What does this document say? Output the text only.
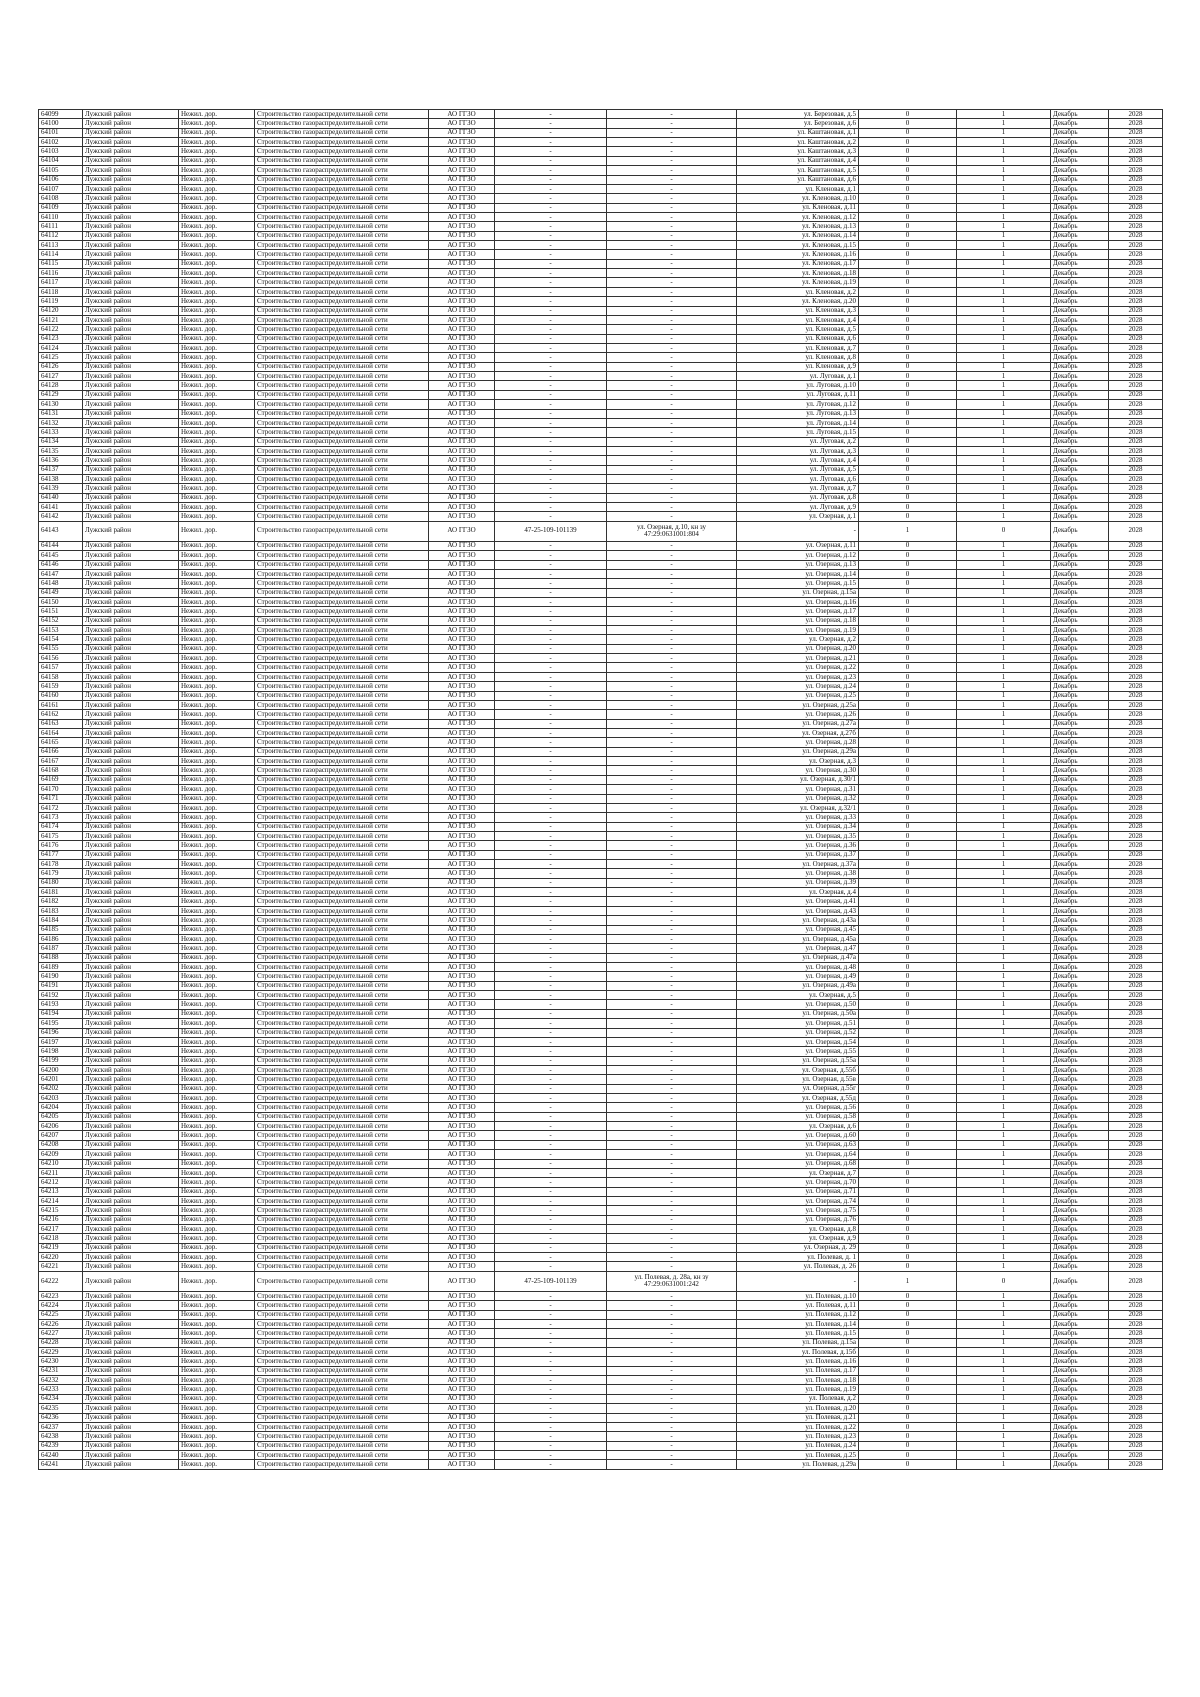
64099	Лужский район	Нежил. дор.	Строительство газораспределительной сети	АО ГГЗО	-	-	ул. Березовая, д.5	0	1	Декабрь	2028
64100	Лужский район	Нежил. дор.	Строительство газораспределительной сети	АО ГГЗО	-	-	ул. Березовая, д.6	0	1	Декабрь	2028
64101	Лужский район	Нежил. дор.	Строительство газораспределительной сети	АО ГГЗО	-	-	ул. Каштановая, д.1	0	1	Декабрь	2028
64102	Лужский район	Нежил. дор.	Строительство газораспределительной сети	АО ГГЗО	-	-	ул. Каштановая, д.2	0	1	Декабрь	2028
64103	Лужский район	Нежил. дор.	Строительство газораспределительной сети	АО ГГЗО	-	-	ул. Каштановая, д.3	0	1	Декабрь	2028
64104	Лужский район	Нежил. дор.	Строительство газораспределительной сети	АО ГГЗО	-	-	ул. Каштановая, д.4	0	1	Декабрь	2028
64105	Лужский район	Нежил. дор.	Строительство газораспределительной сети	АО ГГЗО	-	-	ул. Каштановая, д.5	0	1	Декабрь	2028
64106	Лужский район	Нежил. дор.	Строительство газораспределительной сети	АО ГГЗО	-	-	ул. Каштановая, д.6	0	1	Декабрь	2028
64107	Лужский район	Нежил. дор.	Строительство газораспределительной сети	АО ГГЗО	-	-	ул. Кленовая, д.1	0	1	Декабрь	2028
64108	Лужский район	Нежил. дор.	Строительство газораспределительной сети	АО ГГЗО	-	-	ул. Кленовая, д.10	0	1	Декабрь	2028
64109	Лужский район	Нежил. дор.	Строительство газораспределительной сети	АО ГГЗО	-	-	ул. Кленовая, д.11	0	1	Декабрь	2028
64110	Лужский район	Нежил. дор.	Строительство газораспределительной сети	АО ГГЗО	-	-	ул. Кленовая, д.12	0	1	Декабрь	2028
64111	Лужский район	Нежил. дор.	Строительство газораспределительной сети	АО ГГЗО	-	-	ул. Кленовая, д.13	0	1	Декабрь	2028
64112	Лужский район	Нежил. дор.	Строительство газораспределительной сети	АО ГГЗО	-	-	ул. Кленовая, д.14	0	1	Декабрь	2028
64113	Лужский район	Нежил. дор.	Строительство газораспределительной сети	АО ГГЗО	-	-	ул. Кленовая, д.15	0	1	Декабрь	2028
64114	Лужский район	Нежил. дор.	Строительство газораспределительной сети	АО ГГЗО	-	-	ул. Кленовая, д.16	0	1	Декабрь	2028
64115	Лужский район	Нежил. дор.	Строительство газораспределительной сети	АО ГГЗО	-	-	ул. Кленовая, д.17	0	1	Декабрь	2028
64116	Лужский район	Нежил. дор.	Строительство газораспределительной сети	АО ГГЗО	-	-	ул. Кленовая, д.18	0	1	Декабрь	2028
64117	Лужский район	Нежил. дор.	Строительство газораспределительной сети	АО ГГЗО	-	-	ул. Кленовая, д.19	0	1	Декабрь	2028
64118	Лужский район	Нежил. дор.	Строительство газораспределительной сети	АО ГГЗО	-	-	ул. Кленовая, д.2	0	1	Декабрь	2028
64119	Лужский район	Нежил. дор.	Строительство газораспределительной сети	АО ГГЗО	-	-	ул. Кленовая, д.20	0	1	Декабрь	2028
64120	Лужский район	Нежил. дор.	Строительство газораспределительной сети	АО ГГЗО	-	-	ул. Кленовая, д.3	0	1	Декабрь	2028
64121	Лужский район	Нежил. дор.	Строительство газораспределительной сети	АО ГГЗО	-	-	ул. Кленовая, д.4	0	1	Декабрь	2028
64122	Лужский район	Нежил. дор.	Строительство газораспределительной сети	АО ГГЗО	-	-	ул. Кленовая, д.5	0	1	Декабрь	2028
64123	Лужский район	Нежил. дор.	Строительство газораспределительной сети	АО ГГЗО	-	-	ул. Кленовая, д.6	0	1	Декабрь	2028
64124	Лужский район	Нежил. дор.	Строительство газораспределительной сети	АО ГГЗО	-	-	ул. Кленовая, д.7	0	1	Декабрь	2028
64125	Лужский район	Нежил. дор.	Строительство газораспределительной сети	АО ГГЗО	-	-	ул. Кленовая, д.8	0	1	Декабрь	2028
64126	Лужский район	Нежил. дор.	Строительство газораспределительной сети	АО ГГЗО	-	-	ул. Кленовая, д.9	0	1	Декабрь	2028
64127	Лужский район	Нежил. дор.	Строительство газораспределительной сети	АО ГГЗО	-	-	ул. Луговая, д.1	0	1	Декабрь	2028
64128	Лужский район	Нежил. дор.	Строительство газораспределительной сети	АО ГГЗО	-	-	ул. Луговая, д.10	0	1	Декабрь	2028
64129	Лужский район	Нежил. дор.	Строительство газораспределительной сети	АО ГГЗО	-	-	ул. Луговая, д.11	0	1	Декабрь	2028
64130	Лужский район	Нежил. дор.	Строительство газораспределительной сети	АО ГГЗО	-	-	ул. Луговая, д.12	0	1	Декабрь	2028
64131	Лужский район	Нежил. дор.	Строительство газораспределительной сети	АО ГГЗО	-	-	ул. Луговая, д.13	0	1	Декабрь	2028
64132	Лужский район	Нежил. дор.	Строительство газораспределительной сети	АО ГГЗО	-	-	ул. Луговая, д.14	0	1	Декабрь	2028
64133	Лужский район	Нежил. дор.	Строительство газораспределительной сети	АО ГГЗО	-	-	ул. Луговая, д.15	0	1	Декабрь	2028
64134	Лужский район	Нежил. дор.	Строительство газораспределительной сети	АО ГГЗО	-	-	ул. Луговая, д.2	0	1	Декабрь	2028
64135	Лужский район	Нежил. дор.	Строительство газораспределительной сети	АО ГГЗО	-	-	ул. Луговая, д.3	0	1	Декабрь	2028
64136	Лужский район	Нежил. дор.	Строительство газораспределительной сети	АО ГГЗО	-	-	ул. Луговая, д.4	0	1	Декабрь	2028
64137	Лужский район	Нежил. дор.	Строительство газораспределительной сети	АО ГГЗО	-	-	ул. Луговая, д.5	0	1	Декабрь	2028
64138	Лужский район	Нежил. дор.	Строительство газораспределительной сети	АО ГГЗО	-	-	ул. Луговая, д.6	0	1	Декабрь	2028
64139	Лужский район	Нежил. дор.	Строительство газораспределительной сети	АО ГГЗО	-	-	ул. Луговая, д.7	0	1	Декабрь	2028
64140	Лужский район	Нежил. дор.	Строительство газораспределительной сети	АО ГГЗО	-	-	ул. Луговая, д.8	0	1	Декабрь	2028
64141	Лужский район	Нежил. дор.	Строительство газораспределительной сети	АО ГГЗО	-	-	ул. Луговая, д.9	0	1	Декабрь	2028
64142	Лужский район	Нежил. дор.	Строительство газораспределительной сети	АО ГГЗО	-	-	ул. Озерная, д.1	0	1	Декабрь	2028
64143	Лужский район	Нежил. дор.	Строительство газораспределительной сети	АО ГГЗО	47-25-109-101139	ул. Озерная, д.10, кн зу 47:29:0631001:804	-	1	0	Декабрь	2028
64144	Лужский район	Нежил. дор.	Строительство газораспределительной сети	АО ГГЗО	-	-	ул. Озерная, д.11	0	1	Декабрь	2028
64145	Лужский район	Нежил. дор.	Строительство газораспределительной сети	АО ГГЗО	-	-	ул. Озерная, д.12	0	1	Декабрь	2028
64146	Лужский район	Нежил. дор.	Строительство газораспределительной сети	АО ГГЗО	-	-	ул. Озерная, д.13	0	1	Декабрь	2028
64147	Лужский район	Нежил. дор.	Строительство газораспределительной сети	АО ГГЗО	-	-	ул. Озерная, д.14	0	1	Декабрь	2028
64148	Лужский район	Нежил. дор.	Строительство газораспределительной сети	АО ГГЗО	-	-	ул. Озерная, д.15	0	1	Декабрь	2028
64149	Лужский район	Нежил. дор.	Строительство газораспределительной сети	АО ГГЗО	-	-	ул. Озерная, д.15а	0	1	Декабрь	2028
64150	Лужский район	Нежил. дор.	Строительство газораспределительной сети	АО ГГЗО	-	-	ул. Озерная, д.16	0	1	Декабрь	2028
64151	Лужский район	Нежил. дор.	Строительство газораспределительной сети	АО ГГЗО	-	-	ул. Озерная, д.17	0	1	Декабрь	2028
64152	Лужский район	Нежил. дор.	Строительство газораспределительной сети	АО ГГЗО	-	-	ул. Озерная, д.18	0	1	Декабрь	2028
64153	Лужский район	Нежил. дор.	Строительство газораспределительной сети	АО ГГЗО	-	-	ул. Озерная, д.19	0	1	Декабрь	2028
64154	Лужский район	Нежил. дор.	Строительство газораспределительной сети	АО ГГЗО	-	-	ул. Озерная, д.2	0	1	Декабрь	2028
64155	Лужский район	Нежил. дор.	Строительство газораспределительной сети	АО ГГЗО	-	-	ул. Озерная, д.20	0	1	Декабрь	2028
64156	Лужский район	Нежил. дор.	Строительство газораспределительной сети	АО ГГЗО	-	-	ул. Озерная, д.21	0	1	Декабрь	2028
64157	Лужский район	Нежил. дор.	Строительство газораспределительной сети	АО ГГЗО	-	-	ул. Озерная, д.22	0	1	Декабрь	2028
64158	Лужский район	Нежил. дор.	Строительство газораспределительной сети	АО ГГЗО	-	-	ул. Озерная, д.23	0	1	Декабрь	2028
64159	Лужский район	Нежил. дор.	Строительство газораспределительной сети	АО ГГЗО	-	-	ул. Озерная, д.24	0	1	Декабрь	2028
64160	Лужский район	Нежил. дор.	Строительство газораспределительной сети	АО ГГЗО	-	-	ул. Озерная, д.25	0	1	Декабрь	2028
64161	Лужский район	Нежил. дор.	Строительство газораспределительной сети	АО ГГЗО	-	-	ул. Озерная, д.25а	0	1	Декабрь	2028
64162	Лужский район	Нежил. дор.	Строительство газораспределительной сети	АО ГГЗО	-	-	ул. Озерная, д.26	0	1	Декабрь	2028
64163	Лужский район	Нежил. дор.	Строительство газораспределительной сети	АО ГГЗО	-	-	ул. Озерная, д.27а	0	1	Декабрь	2028
64164	Лужский район	Нежил. дор.	Строительство газораспределительной сети	АО ГГЗО	-	-	ул. Озерная, д.27б	0	1	Декабрь	2028
64165	Лужский район	Нежил. дор.	Строительство газораспределительной сети	АО ГГЗО	-	-	ул. Озерная, д.28	0	1	Декабрь	2028
64166	Лужский район	Нежил. дор.	Строительство газораспределительной сети	АО ГГЗО	-	-	ул. Озерная, д.29а	0	1	Декабрь	2028
64167	Лужский район	Нежил. дор.	Строительство газораспределительной сети	АО ГГЗО	-	-	ул. Озерная, д.3	0	1	Декабрь	2028
64168	Лужский район	Нежил. дор.	Строительство газораспределительной сети	АО ГГЗО	-	-	ул. Озерная, д.30	0	1	Декабрь	2028
64169	Лужский район	Нежил. дор.	Строительство газораспределительной сети	АО ГГЗО	-	-	ул. Озерная, д.30/1	0	1	Декабрь	2028
64170	Лужский район	Нежил. дор.	Строительство газораспределительной сети	АО ГГЗО	-	-	ул. Озерная, д.31	0	1	Декабрь	2028
64171	Лужский район	Нежил. дор.	Строительство газораспределительной сети	АО ГГЗО	-	-	ул. Озерная, д.32	0	1	Декабрь	2028
64172	Лужский район	Нежил. дор.	Строительство газораспределительной сети	АО ГГЗО	-	-	ул. Озерная, д.32/1	0	1	Декабрь	2028
64173	Лужский район	Нежил. дор.	Строительство газораспределительной сети	АО ГГЗО	-	-	ул. Озерная, д.33	0	1	Декабрь	2028
64174	Лужский район	Нежил. дор.	Строительство газораспределительной сети	АО ГГЗО	-	-	ул. Озерная, д.34	0	1	Декабрь	2028
64175	Лужский район	Нежил. дор.	Строительство газораспределительной сети	АО ГГЗО	-	-	ул. Озерная, д.35	0	1	Декабрь	2028
64176	Лужский район	Нежил. дор.	Строительство газораспределительной сети	АО ГГЗО	-	-	ул. Озерная, д.36	0	1	Декабрь	2028
64177	Лужский район	Нежил. дор.	Строительство газораспределительной сети	АО ГГЗО	-	-	ул. Озерная, д.37	0	1	Декабрь	2028
64178	Лужский район	Нежил. дор.	Строительство газораспределительной сети	АО ГГЗО	-	-	ул. Озерная, д.37а	0	1	Декабрь	2028
64179	Лужский район	Нежил. дор.	Строительство газораспределительной сети	АО ГГЗО	-	-	ул. Озерная, д.38	0	1	Декабрь	2028
64180	Лужский район	Нежил. дор.	Строительство газораспределительной сети	АО ГГЗО	-	-	ул. Озерная, д.39	0	1	Декабрь	2028
64181	Лужский район	Нежил. дор.	Строительство газораспределительной сети	АО ГГЗО	-	-	ул. Озерная, д.4	0	1	Декабрь	2028
64182	Лужский район	Нежил. дор.	Строительство газораспределительной сети	АО ГГЗО	-	-	ул. Озерная, д.41	0	1	Декабрь	2028
64183	Лужский район	Нежил. дор.	Строительство газораспределительной сети	АО ГГЗО	-	-	ул. Озерная, д.43	0	1	Декабрь	2028
64184	Лужский район	Нежил. дор.	Строительство газораспределительной сети	АО ГГЗО	-	-	ул. Озерная, д.43а	0	1	Декабрь	2028
64185	Лужский район	Нежил. дор.	Строительство газораспределительной сети	АО ГГЗО	-	-	ул. Озерная, д.45	0	1	Декабрь	2028
64186	Лужский район	Нежил. дор.	Строительство газораспределительной сети	АО ГГЗО	-	-	ул. Озерная, д.45а	0	1	Декабрь	2028
64187	Лужский район	Нежил. дор.	Строительство газораспределительной сети	АО ГГЗО	-	-	ул. Озерная, д.47	0	1	Декабрь	2028
64188	Лужский район	Нежил. дор.	Строительство газораспределительной сети	АО ГГЗО	-	-	ул. Озерная, д.47а	0	1	Декабрь	2028
64189	Лужский район	Нежил. дор.	Строительство газораспределительной сети	АО ГГЗО	-	-	ул. Озерная, д.48	0	1	Декабрь	2028
64190	Лужский район	Нежил. дор.	Строительство газораспределительной сети	АО ГГЗО	-	-	ул. Озерная, д.49	0	1	Декабрь	2028
64191	Лужский район	Нежил. дор.	Строительство газораспределительной сети	АО ГГЗО	-	-	ул. Озерная, д.49а	0	1	Декабрь	2028
64192	Лужский район	Нежил. дор.	Строительство газораспределительной сети	АО ГГЗО	-	-	ул. Озерная, д.5	0	1	Декабрь	2028
64193	Лужский район	Нежил. дор.	Строительство газораспределительной сети	АО ГГЗО	-	-	ул. Озерная, д.50	0	1	Декабрь	2028
64194	Лужский район	Нежил. дор.	Строительство газораспределительной сети	АО ГГЗО	-	-	ул. Озерная, д.50а	0	1	Декабрь	2028
64195	Лужский район	Нежил. дор.	Строительство газораспределительной сети	АО ГГЗО	-	-	ул. Озерная, д.51	0	1	Декабрь	2028
64196	Лужский район	Нежил. дор.	Строительство газораспределительной сети	АО ГГЗО	-	-	ул. Озерная, д.52	0	1	Декабрь	2028
64197	Лужский район	Нежил. дор.	Строительство газораспределительной сети	АО ГГЗО	-	-	ул. Озерная, д.54	0	1	Декабрь	2028
64198	Лужский район	Нежил. дор.	Строительство газораспределительной сети	АО ГГЗО	-	-	ул. Озерная, д.55	0	1	Декабрь	2028
64199	Лужский район	Нежил. дор.	Строительство газораспределительной сети	АО ГГЗО	-	-	ул. Озерная, д.55а	0	1	Декабрь	2028
64200	Лужский район	Нежил. дор.	Строительство газораспределительной сети	АО ГГЗО	-	-	ул. Озерная, д.55б	0	1	Декабрь	2028
64201	Лужский район	Нежил. дор.	Строительство газораспределительной сети	АО ГГЗО	-	-	ул. Озерная, д.55в	0	1	Декабрь	2028
64202	Лужский район	Нежил. дор.	Строительство газораспределительной сети	АО ГГЗО	-	-	ул. Озерная, д.55г	0	1	Декабрь	2028
64203	Лужский район	Нежил. дор.	Строительство газораспределительной сети	АО ГГЗО	-	-	ул. Озерная, д.55д	0	1	Декабрь	2028
64204	Лужский район	Нежил. дор.	Строительство газораспределительной сети	АО ГГЗО	-	-	ул. Озерная, д.56	0	1	Декабрь	2028
64205	Лужский район	Нежил. дор.	Строительство газораспределительной сети	АО ГГЗО	-	-	ул. Озерная, д.58	0	1	Декабрь	2028
64206	Лужский район	Нежил. дор.	Строительство газораспределительной сети	АО ГГЗО	-	-	ул. Озерная, д.6	0	1	Декабрь	2028
64207	Лужский район	Нежил. дор.	Строительство газораспределительной сети	АО ГГЗО	-	-	ул. Озерная, д.60	0	1	Декабрь	2028
64208	Лужский район	Нежил. дор.	Строительство газораспределительной сети	АО ГГЗО	-	-	ул. Озерная, д.63	0	1	Декабрь	2028
64209	Лужский район	Нежил. дор.	Строительство газораспределительной сети	АО ГГЗО	-	-	ул. Озерная, д.64	0	1	Декабрь	2028
64210	Лужский район	Нежил. дор.	Строительство газораспределительной сети	АО ГГЗО	-	-	ул. Озерная, д.68	0	1	Декабрь	2028
64211	Лужский район	Нежил. дор.	Строительство газораспределительной сети	АО ГГЗО	-	-	ул. Озерная, д.7	0	1	Декабрь	2028
64212	Лужский район	Нежил. дор.	Строительство газораспределительной сети	АО ГГЗО	-	-	ул. Озерная, д.70	0	1	Декабрь	2028
64213	Лужский район	Нежил. дор.	Строительство газораспределительной сети	АО ГГЗО	-	-	ул. Озерная, д.71	0	1	Декабрь	2028
64214	Лужский район	Нежил. дор.	Строительство газораспределительной сети	АО ГГЗО	-	-	ул. Озерная, д.74	0	1	Декабрь	2028
64215	Лужский район	Нежил. дор.	Строительство газораспределительной сети	АО ГГЗО	-	-	ул. Озерная, д.75	0	1	Декабрь	2028
64216	Лужский район	Нежил. дор.	Строительство газораспределительной сети	АО ГГЗО	-	-	ул. Озерная, д.76	0	1	Декабрь	2028
64217	Лужский район	Нежил. дор.	Строительство газораспределительной сети	АО ГГЗО	-	-	ул. Озерная, д.8	0	1	Декабрь	2028
64218	Лужский район	Нежил. дор.	Строительство газораспределительной сети	АО ГГЗО	-	-	ул. Озерная, д.9	0	1	Декабрь	2028
64219	Лужский район	Нежил. дор.	Строительство газораспределительной сети	АО ГГЗО	-	-	ул. Озерная, д. 29	0	1	Декабрь	2028
64220	Лужский район	Нежил. дор.	Строительство газораспределительной сети	АО ГГЗО	-	-	ул. Полевая, д. 1	0	1	Декабрь	2028
64221	Лужский район	Нежил. дор.	Строительство газораспределительной сети	АО ГГЗО	-	-	ул. Полевая, д. 26	0	1	Декабрь	2028
64222	Лужский район	Нежил. дор.	Строительство газораспределительной сети	АО ГГЗО	47-25-109-101139	ул. Полевая, д. 28а, кн зу 47:29:0631001:242	-	1	0	Декабрь	2028
64223	Лужский район	Нежил. дор.	Строительство газораспределительной сети	АО ГГЗО	-	-	ул. Полевая, д.10	0	1	Декабрь	2028
64224	Лужский район	Нежил. дор.	Строительство газораспределительной сети	АО ГГЗО	-	-	ул. Полевая, д.11	0	1	Декабрь	2028
64225	Лужский район	Нежил. дор.	Строительство газораспределительной сети	АО ГГЗО	-	-	ул. Полевая, д.12	0	1	Декабрь	2028
64226	Лужский район	Нежил. дор.	Строительство газораспределительной сети	АО ГГЗО	-	-	ул. Полевая, д.14	0	1	Декабрь	2028
64227	Лужский район	Нежил. дор.	Строительство газораспределительной сети	АО ГГЗО	-	-	ул. Полевая, д.15	0	1	Декабрь	2028
64228	Лужский район	Нежил. дор.	Строительство газораспределительной сети	АО ГГЗО	-	-	ул. Полевая, д.15а	0	1	Декабрь	2028
64229	Лужский район	Нежил. дор.	Строительство газораспределительной сети	АО ГГЗО	-	-	ул. Полевая, д.15б	0	1	Декабрь	2028
64230	Лужский район	Нежил. дор.	Строительство газораспределительной сети	АО ГГЗО	-	-	ул. Полевая, д.16	0	1	Декабрь	2028
64231	Лужский район	Нежил. дор.	Строительство газораспределительной сети	АО ГГЗО	-	-	ул. Полевая, д.17	0	1	Декабрь	2028
64232	Лужский район	Нежил. дор.	Строительство газораспределительной сети	АО ГГЗО	-	-	ул. Полевая, д.18	0	1	Декабрь	2028
64233	Лужский район	Нежил. дор.	Строительство газораспределительной сети	АО ГГЗО	-	-	ул. Полевая, д.19	0	1	Декабрь	2028
64234	Лужский район	Нежил. дор.	Строительство газораспределительной сети	АО ГГЗО	-	-	ул. Полевая, д.2	0	1	Декабрь	2028
64235	Лужский район	Нежил. дор.	Строительство газораспределительной сети	АО ГГЗО	-	-	ул. Полевая, д.20	0	1	Декабрь	2028
64236	Лужский район	Нежил. дор.	Строительство газораспределительной сети	АО ГГЗО	-	-	ул. Полевая, д.21	0	1	Декабрь	2028
64237	Лужский район	Нежил. дор.	Строительство газораспределительной сети	АО ГГЗО	-	-	ул. Полевая, д.22	0	1	Декабрь	2028
64238	Лужский район	Нежил. дор.	Строительство газораспределительной сети	АО ГГЗО	-	-	ул. Полевая, д.23	0	1	Декабрь	2028
64239	Лужский район	Нежил. дор.	Строительство газораспределительной сети	АО ГГЗО	-	-	ул. Полевая, д.24	0	1	Декабрь	2028
64240	Лужский район	Нежил. дор.	Строительство газораспределительной сети	АО ГГЗО	-	-	ул. Полевая, д.25	0	1	Декабрь	2028
64241	Лужский район	Нежил. дор.	Строительство газораспределительной сети	АО ГГЗО	-	-	ул. Полевая, д.29а	0	1	Декабрь	2028
